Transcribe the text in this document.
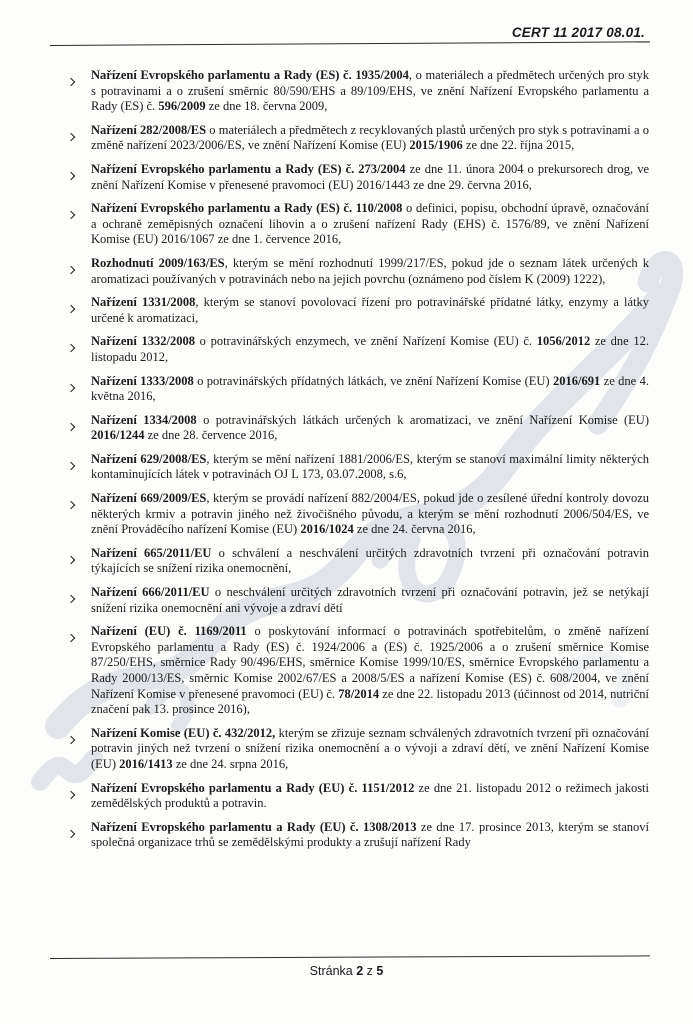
CERT 11 2017 08.01.
Nařízení Evropského parlamentu a Rady (ES) č. 1935/2004, o materiálech a předmětech určených pro styk s potravinami a o zrušení směrnic 80/590/EHS a 89/109/EHS, ve znění Nařízení Evropského parlamentu a Rady (ES) č. 596/2009 ze dne 18. června 2009,
Nařízení 282/2008/ES o materiálech a předmětech z recyklovaných plastů určených pro styk s potravinami a o změně nařízení 2023/2006/ES, ve znění Nařízení Komise (EU) 2015/1906 ze dne 22. října 2015,
Nařízení Evropského parlamentu a Rady (ES) č. 273/2004 ze dne 11. února 2004 o prekursorech drog, ve znění Nařízení Komise v přenesené pravomoci (EU) 2016/1443 ze dne 29. června 2016,
Nařízení Evropského parlamentu a Rady (ES) č. 110/2008 o definici, popisu, obchodní úpravě, označování a ochraně zeměpisných označení lihovin a o zrušení nařízení Rady (EHS) č. 1576/89, ve znění Nařízení Komise (EU) 2016/1067 ze dne 1. července 2016,
Rozhodnutí 2009/163/ES, kterým se mění rozhodnutí 1999/217/ES, pokud jde o seznam látek určených k aromatizaci používaných v potravinách nebo na jejich povrchu (oznámeno pod číslem K (2009) 1222),
Nařízení 1331/2008, kterým se stanoví povolovací řízení pro potravinářské přídatné látky, enzymy a látky určené k aromatizaci,
Nařízení 1332/2008 o potravinářských enzymech, ve znění Nařízení Komise (EU) č. 1056/2012 ze dne 12. listopadu 2012,
Nařízení 1333/2008 o potravinářských přídatných látkách, ve znění Nařízení Komise (EU) 2016/691 ze dne 4. května 2016,
Nařízení 1334/2008 o potravinářských látkách určených k aromatizaci, ve znění Nařízení Komise (EU) 2016/1244 ze dne 28. července 2016,
Nařízení 629/2008/ES, kterým se mění nařízení 1881/2006/ES, kterým se stanoví maximální limity některých kontaminujících látek v potravinách OJ L 173, 03.07.2008, s.6,
Nařízení 669/2009/ES, kterým se provádí nařízení 882/2004/ES, pokud jde o zesílené úřední kontroly dovozu některých krmiv a potravin jiného než živočišného původu, a kterým se mění rozhodnutí 2006/504/ES, ve znění Prováděcího nařízení Komise (EU) 2016/1024 ze dne 24. června 2016,
Nařízení 665/2011/EU o schválení a neschválení určitých zdravotních tvrzení při označování potravin týkajících se snížení rizika onemocnění,
Nařízení 666/2011/EU o neschválení určitých zdravotních tvrzení při označování potravin, jež se netýkají snížení rizika onemocnění ani vývoje a zdraví dětí
Nařízení (EU) č. 1169/2011 o poskytování informací o potravinách spotřebitelům, o změně nařízení Evropského parlamentu a Rady (ES) č. 1924/2006 a (ES) č. 1925/2006 a o zrušení směrnice Komise 87/250/EHS, směrnice Rady 90/496/EHS, směrnice Komise 1999/10/ES, směrnice Evropského parlamentu a Rady 2000/13/ES, směrnic Komise 2002/67/ES a 2008/5/ES a nařízení Komise (ES) č. 608/2004, ve znění Nařízení Komise v přenesené pravomoci (EU) č. 78/2014 ze dne 22. listopadu 2013 (účinnost od 2014, nutriční značení pak 13. prosince 2016),
Nařízení Komise (EU) č. 432/2012, kterým se zřizuje seznam schválených zdravotních tvrzení při označování potravin jiných než tvrzení o snížení rizika onemocnění a o vývoji a zdraví dětí, ve znění Nařízení Komise (EU) 2016/1413 ze dne 24. srpna 2016,
Nařízení Evropského parlamentu a Rady (EU) č. 1151/2012 ze dne 21. listopadu 2012 o režimech jakosti zemědělských produktů a potravin.
Nařízení Evropského parlamentu a Rady (EU) č. 1308/2013 ze dne 17. prosince 2013, kterým se stanoví společná organizace trhů se zemědělskými produkty a zrušují nařízení Rady
Stránka 2 z 5
